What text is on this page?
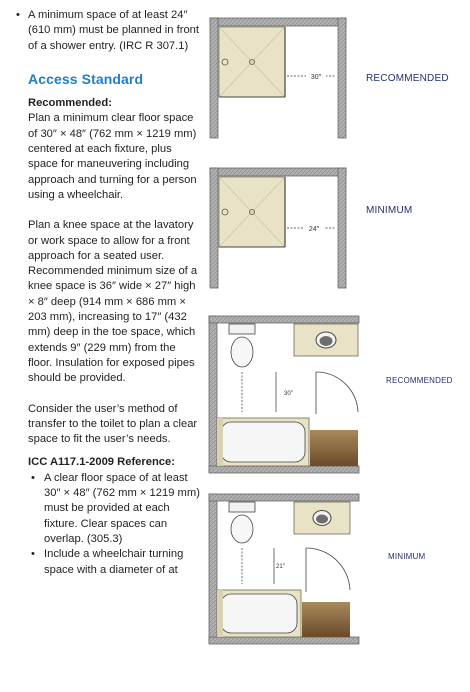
• A minimum space of at least 24″ (610 mm) must be planned in front of a shower entry. (IRC R 307.1)

Access Standard

Recommended:

Plan a minimum clear floor space of 30″ × 48″ (762 mm × 1219 mm) centered at each fixture, plus space for maneuvering including approach and turning for a person using a wheelchair.

Plan a knee space at the lavatory or work space to allow for a front approach for a seated user. Recommended minimum size of a knee space is 36″ wide × 27″ high × 8″ deep (914 mm × 686 mm × 203 mm), increasing to 17″ (432 mm) deep in the toe space, which extends 9″ (229 mm) from the floor. Insulation for exposed pipes should be provided.

Consider the user’s method of transfer to the toilet to plan a clear space to fit the user’s needs.

ICC A117.1-2009 Reference:

• A clear floor space of at least 30″ × 48″ (762 mm × 1219 mm) must be provided at each fixture. Clear spaces can overlap. (305.3)

• Include a wheelchair turning space with a diameter of at

30″
24″
30″
21″
RECOMMENDED
MINIMUM
RECOMMENDED
MINIMUM
